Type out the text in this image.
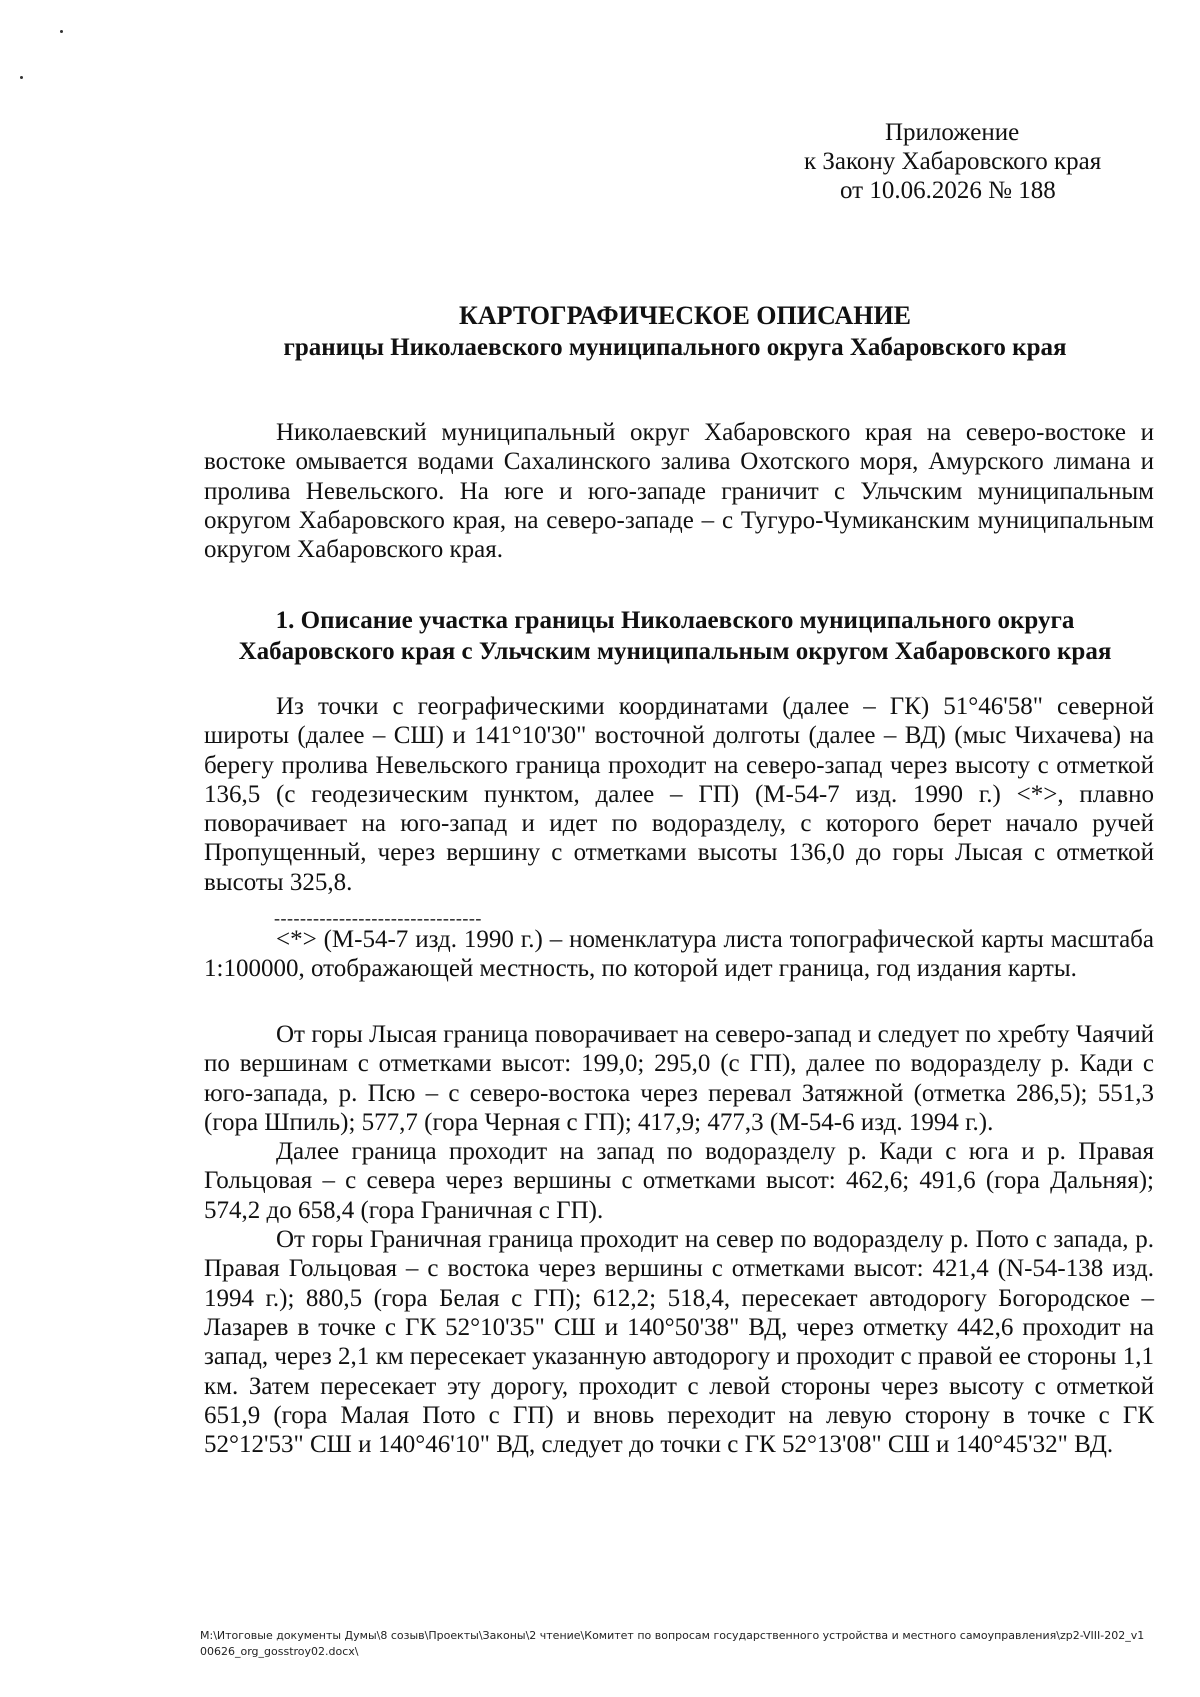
Приложение
к Закону Хабаровского края
от 10.06.2026 № 188
КАРТОГРАФИЧЕСКОЕ ОПИСАНИЕ
границы Николаевского муниципального округа Хабаровского края

Николаевский муниципальный округ Хабаровского края на северо-востоке и востоке омывается водами Сахалинского залива Охотского моря, Амурского лимана и пролива Невельского. На юге и юго-западе граничит с Ульчским муниципальным округом Хабаровского края, на северо-западе – с Тугуро-Чумиканским муниципальным округом Хабаровского края.

1. Описание участка границы Николаевского муниципального округа
Хабаровского края с Ульчским муниципальным округом Хабаровского края

Из точки с географическими координатами (далее – ГК) 51°46'58" северной широты (далее – СШ) и 141°10'30" восточной долготы (далее – ВД) (мыс Чихачева) на берегу пролива Невельского граница проходит на северо-запад через высоту с отметкой 136,5 (с геодезическим пунктом, далее – ГП) (М-54-7 изд. 1990 г.) <*>, плавно поворачивает на юго-запад и идет по водоразделу, с которого берет начало ручей Пропущенный, через вершину с отметками высоты 136,0 до горы Лысая с отметкой высоты 325,8.

--------------------------------

<*> (М-54-7 изд. 1990 г.) – номенклатура листа топографической карты масштаба 1:100000, отображающей местность, по которой идет граница, год издания карты.

От горы Лысая граница поворачивает на северо-запад и следует по хребту Чаячий по вершинам с отметками высот: 199,0; 295,0 (с ГП), далее по водоразделу р. Кади с юго-запада, р. Псю – с северо-востока через перевал Затяжной (отметка 286,5); 551,3 (гора Шпиль); 577,7 (гора Черная с ГП); 417,9; 477,3 (М-54-6 изд. 1994 г.).

Далее граница проходит на запад по водоразделу р. Кади с юга и р. Правая Гольцовая – с севера через вершины с отметками высот: 462,6; 491,6 (гора Дальняя); 574,2 до 658,4 (гора Граничная с ГП).

От горы Граничная граница проходит на север по водоразделу р. Пото с запада, р. Правая Гольцовая – с востока через вершины с отметками высот: 421,4 (N-54-138 изд. 1994 г.); 880,5 (гора Белая с ГП); 612,2; 518,4, пересекает автодорогу Богородское – Лазарев в точке с ГК 52°10'35" СШ и 140°50'38" ВД, через отметку 442,6 проходит на запад, через 2,1 км пересекает указанную автодорогу и проходит с правой ее стороны 1,1 км. Затем пересекает эту дорогу, проходит с левой стороны через высоту с отметкой 651,9 (гора Малая Пото с ГП) и вновь переходит на левую сторону в точке с ГК 52°12'53" СШ и 140°46'10" ВД, следует до точки с ГК 52°13'08" СШ и 140°45'32" ВД.

M:\Итоговые документы Думы\8 созыв\Проекты\Законы\2 чтение\Комитет по вопросам государственного устройства и местного самоуправления\zp2-VIII-202_v100626_org_gosstroy02.docx\
